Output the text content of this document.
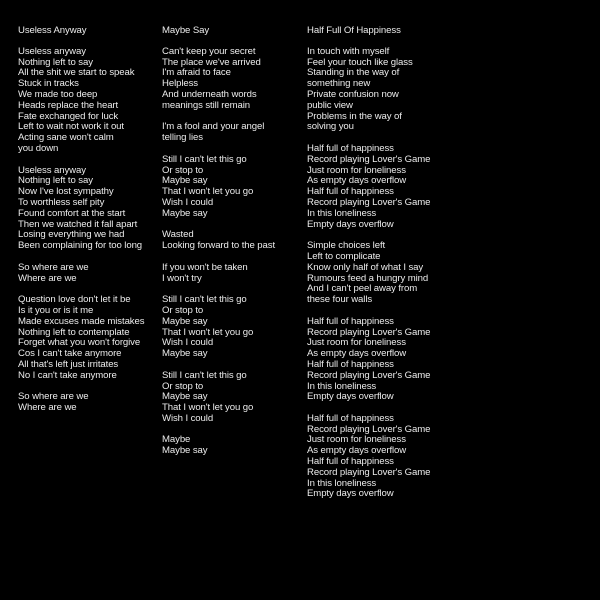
Useless Anyway
Useless anyway
Nothing left to say
All the shit we start to speak
Stuck in tracks
We made too deep
Heads replace the heart
Fate exchanged for luck
Left to wait not work it out
Acting sane won't calm
you down
Useless anyway
Nothing left to say
Now I've lost sympathy
To worthless self pity
Found comfort at the start
Then we watched it fall apart
Losing everything we had
Been complaining for too long
So where are we
Where are we
Question love don't let it be
Is it you or is it me
Made excuses made mistakes
Nothing left to contemplate
Forget what you won't forgive
Cos I can't take anymore
All that's left just irritates
No I can't take anymore
So where are we
Where are we
Maybe Say
Can't keep your secret
The place we've arrived
I'm afraid to face
Helpless
And underneath words
meanings still remain
I'm a fool and your angel
telling lies
Still I can't let this go
Or stop to
Maybe say
That I won't let you go
Wish I could
Maybe say
Wasted
Looking forward to the past
If you won't be taken
I won't try
Still I can't let this go
Or stop to
Maybe say
That I won't let you go
Wish I could
Maybe say
Still I can't let this go
Or stop to
Maybe say
That I won't let you go
Wish I could
Maybe
Maybe say
Half Full Of Happiness
In touch with myself
Feel your touch like glass
Standing in the way of
something new
Private confusion now
public view
Problems in the way of
solving you
Half full of happiness
Record playing Lover's Game
Just room for loneliness
As empty days overflow
Half full of happiness
Record playing Lover's Game
In this loneliness
Empty days overflow
Simple choices left
Left to complicate
Know only half of what I say
Rumours feed a hungry mind
And I can't peel away from
these four walls
Half full of happiness
Record playing Lover's Game
Just room for loneliness
As empty days overflow
Half full of happiness
Record playing Lover's Game
In this loneliness
Empty days overflow
Half full of happiness
Record playing Lover's Game
Just room for loneliness
As empty days overflow
Half full of happiness
Record playing Lover's Game
In this loneliness
Empty days overflow
